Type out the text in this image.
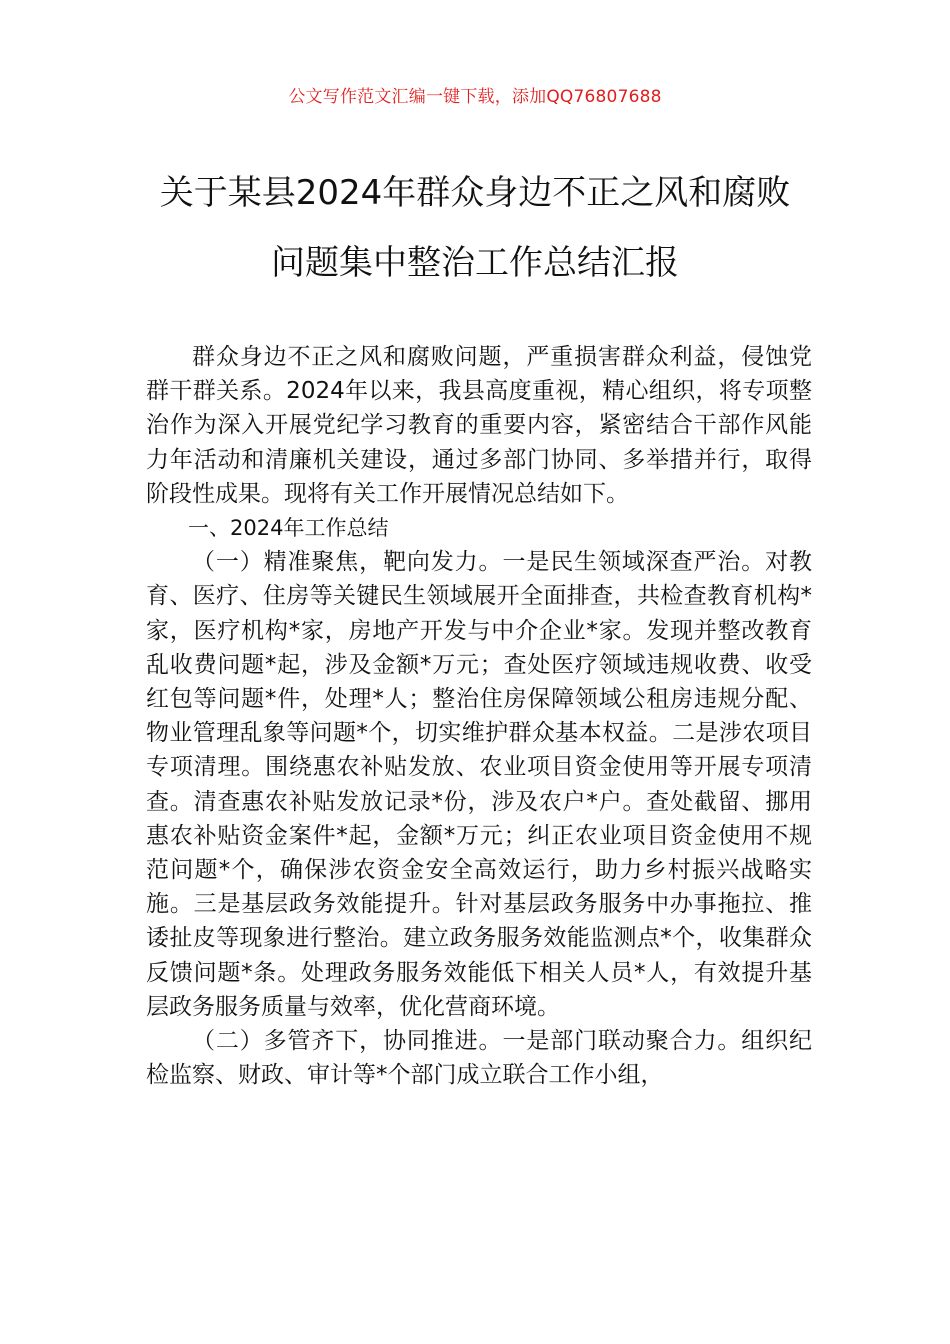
公文写作范文汇编一键下载，添加QQ76807688
关于某县2024年群众身边不正之风和腐败
问题集中整治工作总结汇报

群众身边不正之风和腐败问题，严重损害群众利益，侵蚀党群干群关系。2024年以来，我县高度重视，精心组织，将专项整治作为深入开展党纪学习教育的重要内容，紧密结合干部作风能力年活动和清廉机关建设，通过多部门协同、多举措并行，取得阶段性成果。现将有关工作开展情况总结如下。

一、2024年工作总结

（一）精准聚焦，靶向发力。一是民生领域深查严治。对教育、医疗、住房等关键民生领域展开全面排查，共检查教育机构*家，医疗机构*家，房地产开发与中介企业*家。发现并整改教育乱收费问题*起，涉及金额*万元；查处医疗领域违规收费、收受红包等问题*件，处理*人；整治住房保障领域公租房违规分配、物业管理乱象等问题*个，切实维护群众基本权益。二是涉农项目专项清理。围绕惠农补贴发放、农业项目资金使用等开展专项清查。清查惠农补贴发放记录*份，涉及农户*户。查处截留、挪用惠农补贴资金案件*起，金额*万元；纠正农业项目资金使用不规范问题*个，确保涉农资金安全高效运行，助力乡村振兴战略实施。三是基层政务效能提升。针对基层政务服务中办事拖拉、推诿扯皮等现象进行整治。建立政务服务效能监测点*个，收集群众反馈问题*条。处理政务服务效能低下相关人员*人，有效提升基层政务服务质量与效率，优化营商环境。

（二）多管齐下，协同推进。一是部门联动聚合力。组织纪检监察、财政、审计等*个部门成立联合工作小组，
